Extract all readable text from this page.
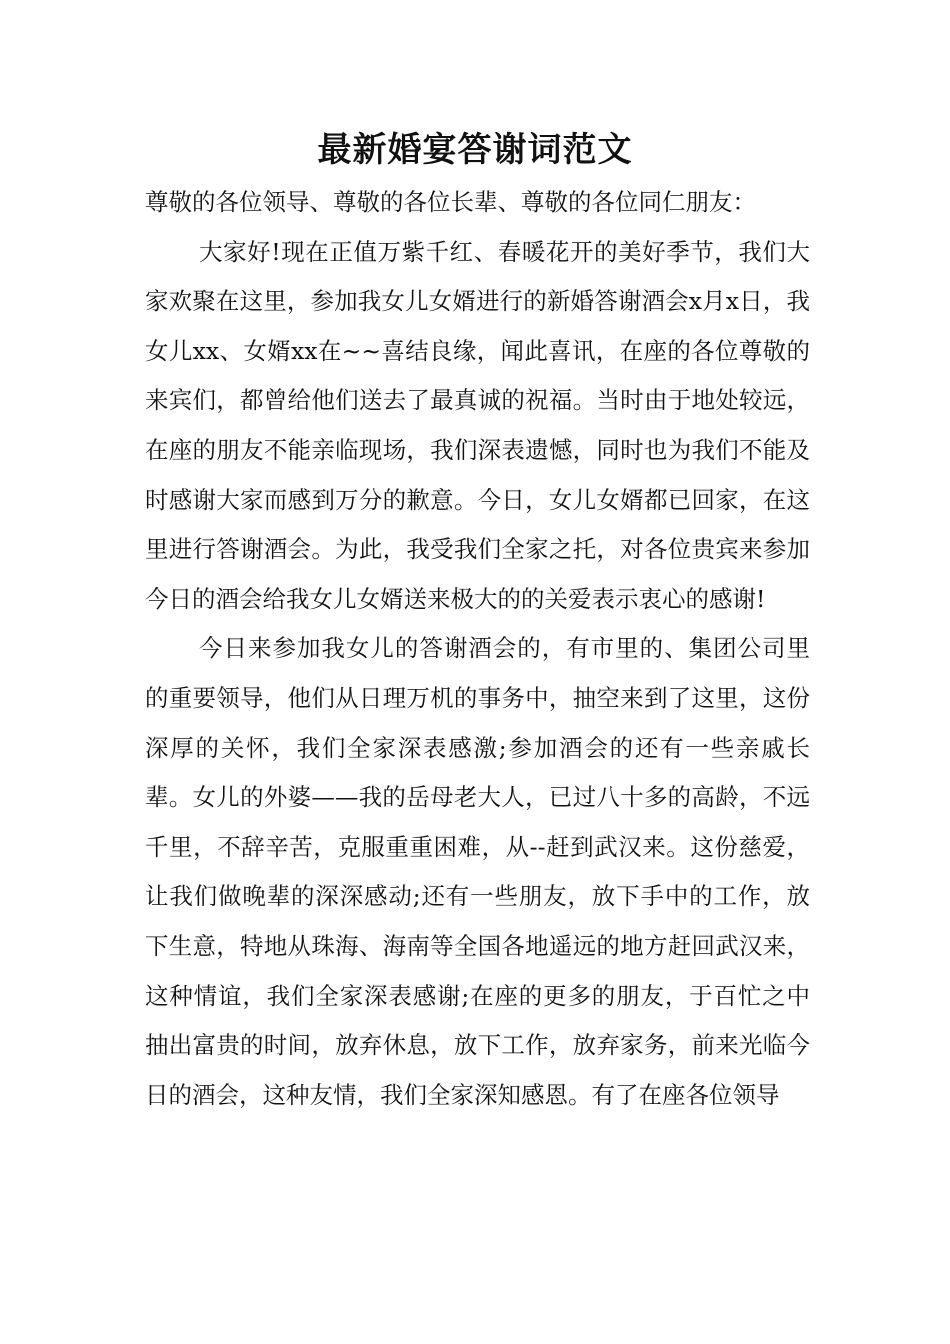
最新婚宴答谢词范文

尊敬的各位领导、尊敬的各位长辈、尊敬的各位同仁朋友：

大家好!现在正值万紫千红、春暖花开的美好季节，我们大家欢聚在这里，参加我女儿女婿进行的新婚答谢酒会x月x日，我女儿xx、女婿xx在~~喜结良缘，闻此喜讯，在座的各位尊敬的来宾们，都曾给他们送去了最真诚的祝福。当时由于地处较远，在座的朋友不能亲临现场，我们深表遗憾，同时也为我们不能及时感谢大家而感到万分的歉意。今日，女儿女婿都已回家，在这里进行答谢酒会。为此，我受我们全家之托，对各位贵宾来参加今日的酒会给我女儿女婿送来极大的的关爱表示衷心的感谢!

今日来参加我女儿的答谢酒会的，有市里的、集团公司里的重要领导，他们从日理万机的事务中，抽空来到了这里，这份深厚的关怀，我们全家深表感激;参加酒会的还有一些亲戚长辈。女儿的外婆——我的岳母老大人，已过八十多的高龄，不远千里，不辞辛苦，克服重重困难，从--赶到武汉来。这份慈爱，让我们做晚辈的深深感动;还有一些朋友，放下手中的工作，放下生意，特地从珠海、海南等全国各地遥远的地方赶回武汉来，这种情谊，我们全家深表感谢;在座的更多的朋友，于百忙之中抽出富贵的时间，放弃休息，放下工作，放弃家务，前来光临今日的酒会，这种友情，我们全家深知感恩。有了在座各位领导
